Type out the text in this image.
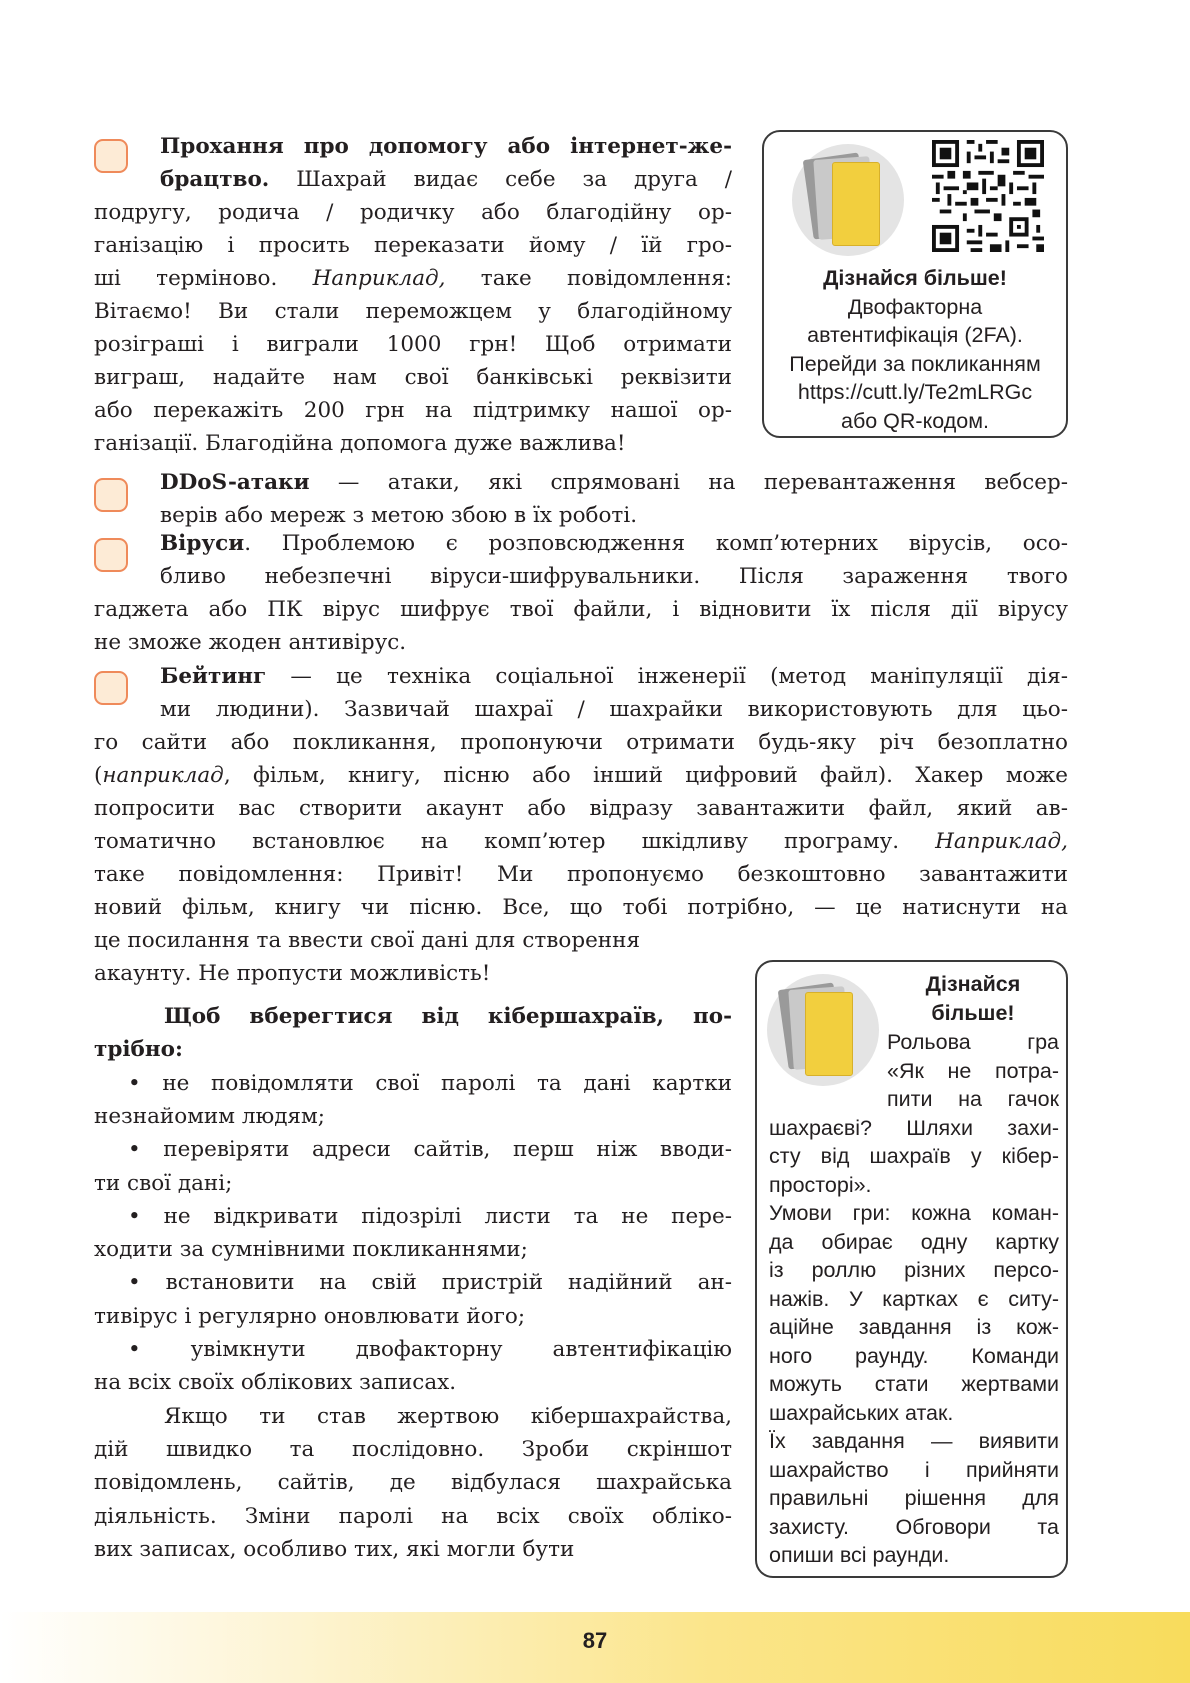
Прохання про допомогу або інтернет-же-

брацтво. Шахрай видає себе за друга /

подругу, родича / родичку або благодійну ор-

ганізацію і просить переказати йому / їй гро-

ші терміново. Наприклад, таке повідомлення:

Вітаємо! Ви стали переможцем у благодійному

розіграші і виграли 1000 грн! Щоб отримати

виграш, надайте нам свої банківські реквізити

або перекажіть 200 грн на підтримку нашої ор-

ганізації. Благодійна допомога дуже важлива!

DDoS-атаки — атаки, які спрямовані на перевантаження вебсер-

верів або мереж з метою збою в їх роботі.

Віруси. Проблемою є розповсюдження комп’ютерних вірусів, осо-

бливо небезпечні віруси-шифрувальники. Після зараження твого

гаджета або ПК вірус шифрує твої файли, і відновити їх після дії вірусу

не зможе жоден антивірус.

Бейтинг — це техніка соціальної інженерії (метод маніпуляції дія-

ми людини). Зазвичай шахраї / шахрайки використовують для цьо-

го сайти або покликання, пропонуючи отримати будь-яку річ безоплатно

(наприклад, фільм, книгу, пісню або інший цифровий файл). Хакер може

попросити вас створити акаунт або відразу завантажити файл, який ав-

томатично встановлює на комп’ютер шкідливу програму. Наприклад,

таке повідомлення: Привіт! Ми пропонуємо безкоштовно завантажити

новий фільм, книгу чи пісню. Все, що тобі потрібно, — це натиснути на

це посилання та ввести свої дані для створення

акаунту. Не пропусти можливість!

Щоб вберегтися від кібершахраїв, по-

трібно:

• не повідомляти свої паролі та дані картки

незнайомим людям;

• перевіряти адреси сайтів, перш ніж вводи-

ти свої дані;

• не відкривати підозрілі листи та не пере-

ходити за сумнівними покликаннями;

• встановити на свій пристрій надійний ан-

тивірус і регулярно оновлювати його;

• увімкнути двофакторну автентифікацію

на всіх своїх облікових записах.

Якщо ти став жертвою кібершахрайства,

дій швидко та послідовно. Зроби скріншот

повідомлень, сайтів, де відбулася шахрайська

діяльність. Зміни паролі на всіх своїх облікo-

вих записах, особливо тих, які могли бути

Дізнайся більше!
Двофакторна
автентифікація (2FA).
Перейди за покликанням
https://cutt.ly/Te2mLRGc
або QR-кодом.
Дізнайся
більше!
Рольова гра
«Як не потра-
пити на гачок
шахраєві? Шляхи захи-
сту від шахраїв у кібер-
просторі».
Умови гри: кожна коман-
да обирає одну картку
із роллю різних персо-
нажів. У картках є ситу-
аційне завдання із кож-
ного раунду. Команди
можуть стати жертвами
шахрайських атак.
Їх завдання — виявити
шахрайство і прийняти
правильні рішення для
захисту. Обговори та
опиши всі раунди.
87
